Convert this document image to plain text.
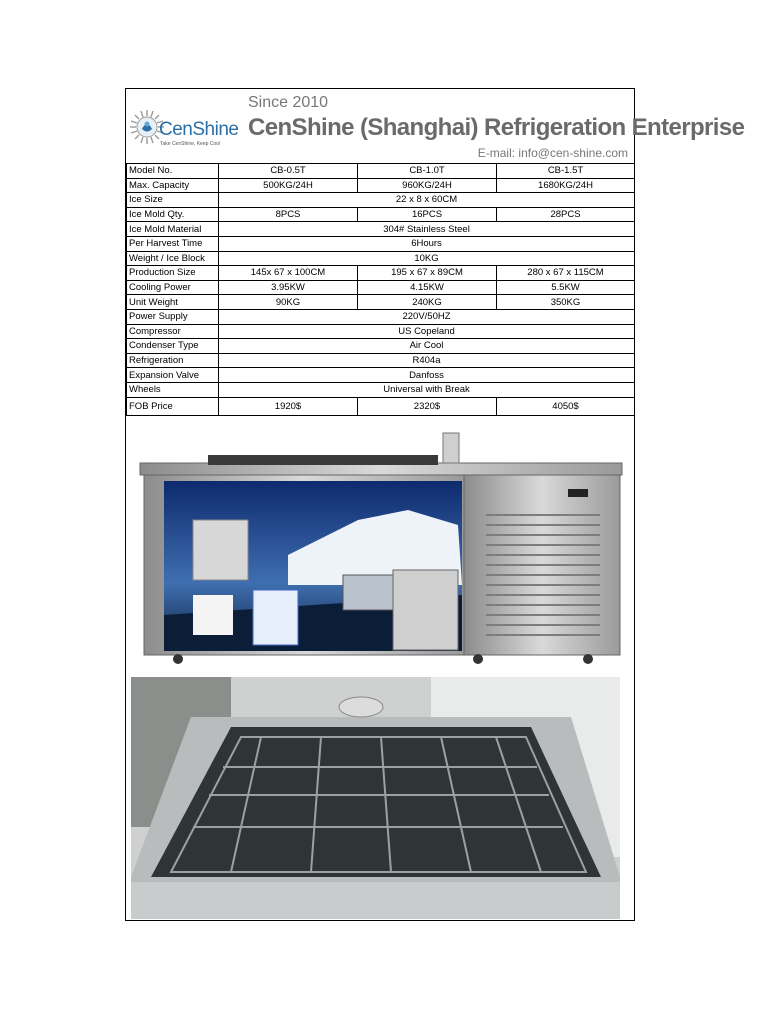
CenShine
Take CenShine, Keep Cool
Since 2010
CenShine (Shanghai) Refrigeration Enterprise
E-mail: info@cen-shine.com
Model No.	CB-0.5T	CB-1.0T	CB-1.5T
Max. Capacity	500KG/24H	960KG/24H	1680KG/24H
Ice Size	22 x 8 x 60CM		
Ice Mold Qty.	8PCS	16PCS	28PCS
Ice Mold Material	304# Stainless Steel		
Per Harvest Time	6Hours		
Weight / Ice Block	10KG		
Production Size	145x 67 x 100CM	195 x 67 x 89CM	280 x 67 x 115CM
Cooling Power	3.95KW	4.15KW	5.5KW
Unit Weight	90KG	240KG	350KG
Power Supply	220V/50HZ		
Compressor	US Copeland		
Condenser Type	Air Cool		
Refrigeration	R404a		
Expansion Valve	Danfoss		
Wheels	Universal with Break		
FOB Price	1920$	2320$	4050$
